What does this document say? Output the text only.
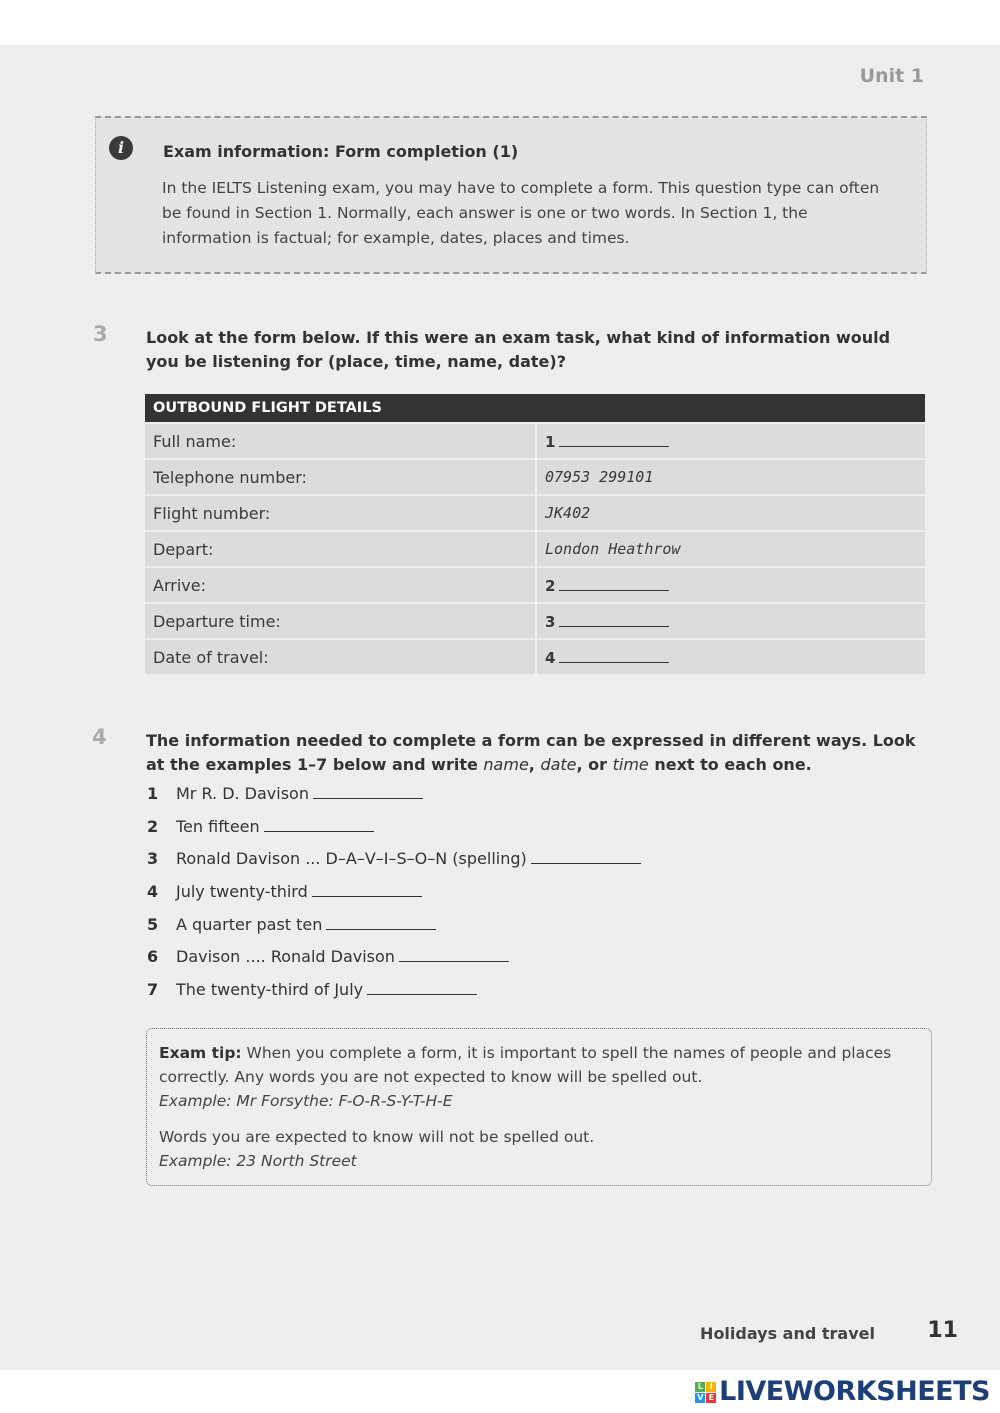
Unit 1
i	Exam information: Form completion (1)
In the IELTS Listening exam, you may have to complete a form. This question type can often be found in Section 1. Normally, each answer is one or two words. In Section 1, the information is factual; for example, dates, places and times.
3 Look at the form below. If this were an exam task, what kind of information would you be listening for (place, time, name, date)?
OUTBOUND FLIGHT DETAILS	
Full name:	1
Telephone number:	07953 299101
Flight number:	JK402
Depart:	London Heathrow
Arrive:	2
Departure time:	3
Date of travel:	4
4 The information needed to complete a form can be expressed in different ways. Look at the examples 1–7 below and write name, date, or time next to each one.
1 Mr R. D. Davison
2 Ten fifteen
3 Ronald Davison ... D–A–V–I–S–O–N (spelling)
4 July twenty-third
5 A quarter past ten
6 Davison .... Ronald Davison
7 The twenty-third of July
Exam tip: When you complete a form, it is important to spell the names of people and places correctly. Any words you are not expected to know will be spelled out.
Example: Mr Forsythe: F-O-R-S-Y-T-H-E
Words you are expected to know will not be spelled out.
Example: 23 North Street
Holidays and travel 11
L I
V E LIVEWORKSHEETS
